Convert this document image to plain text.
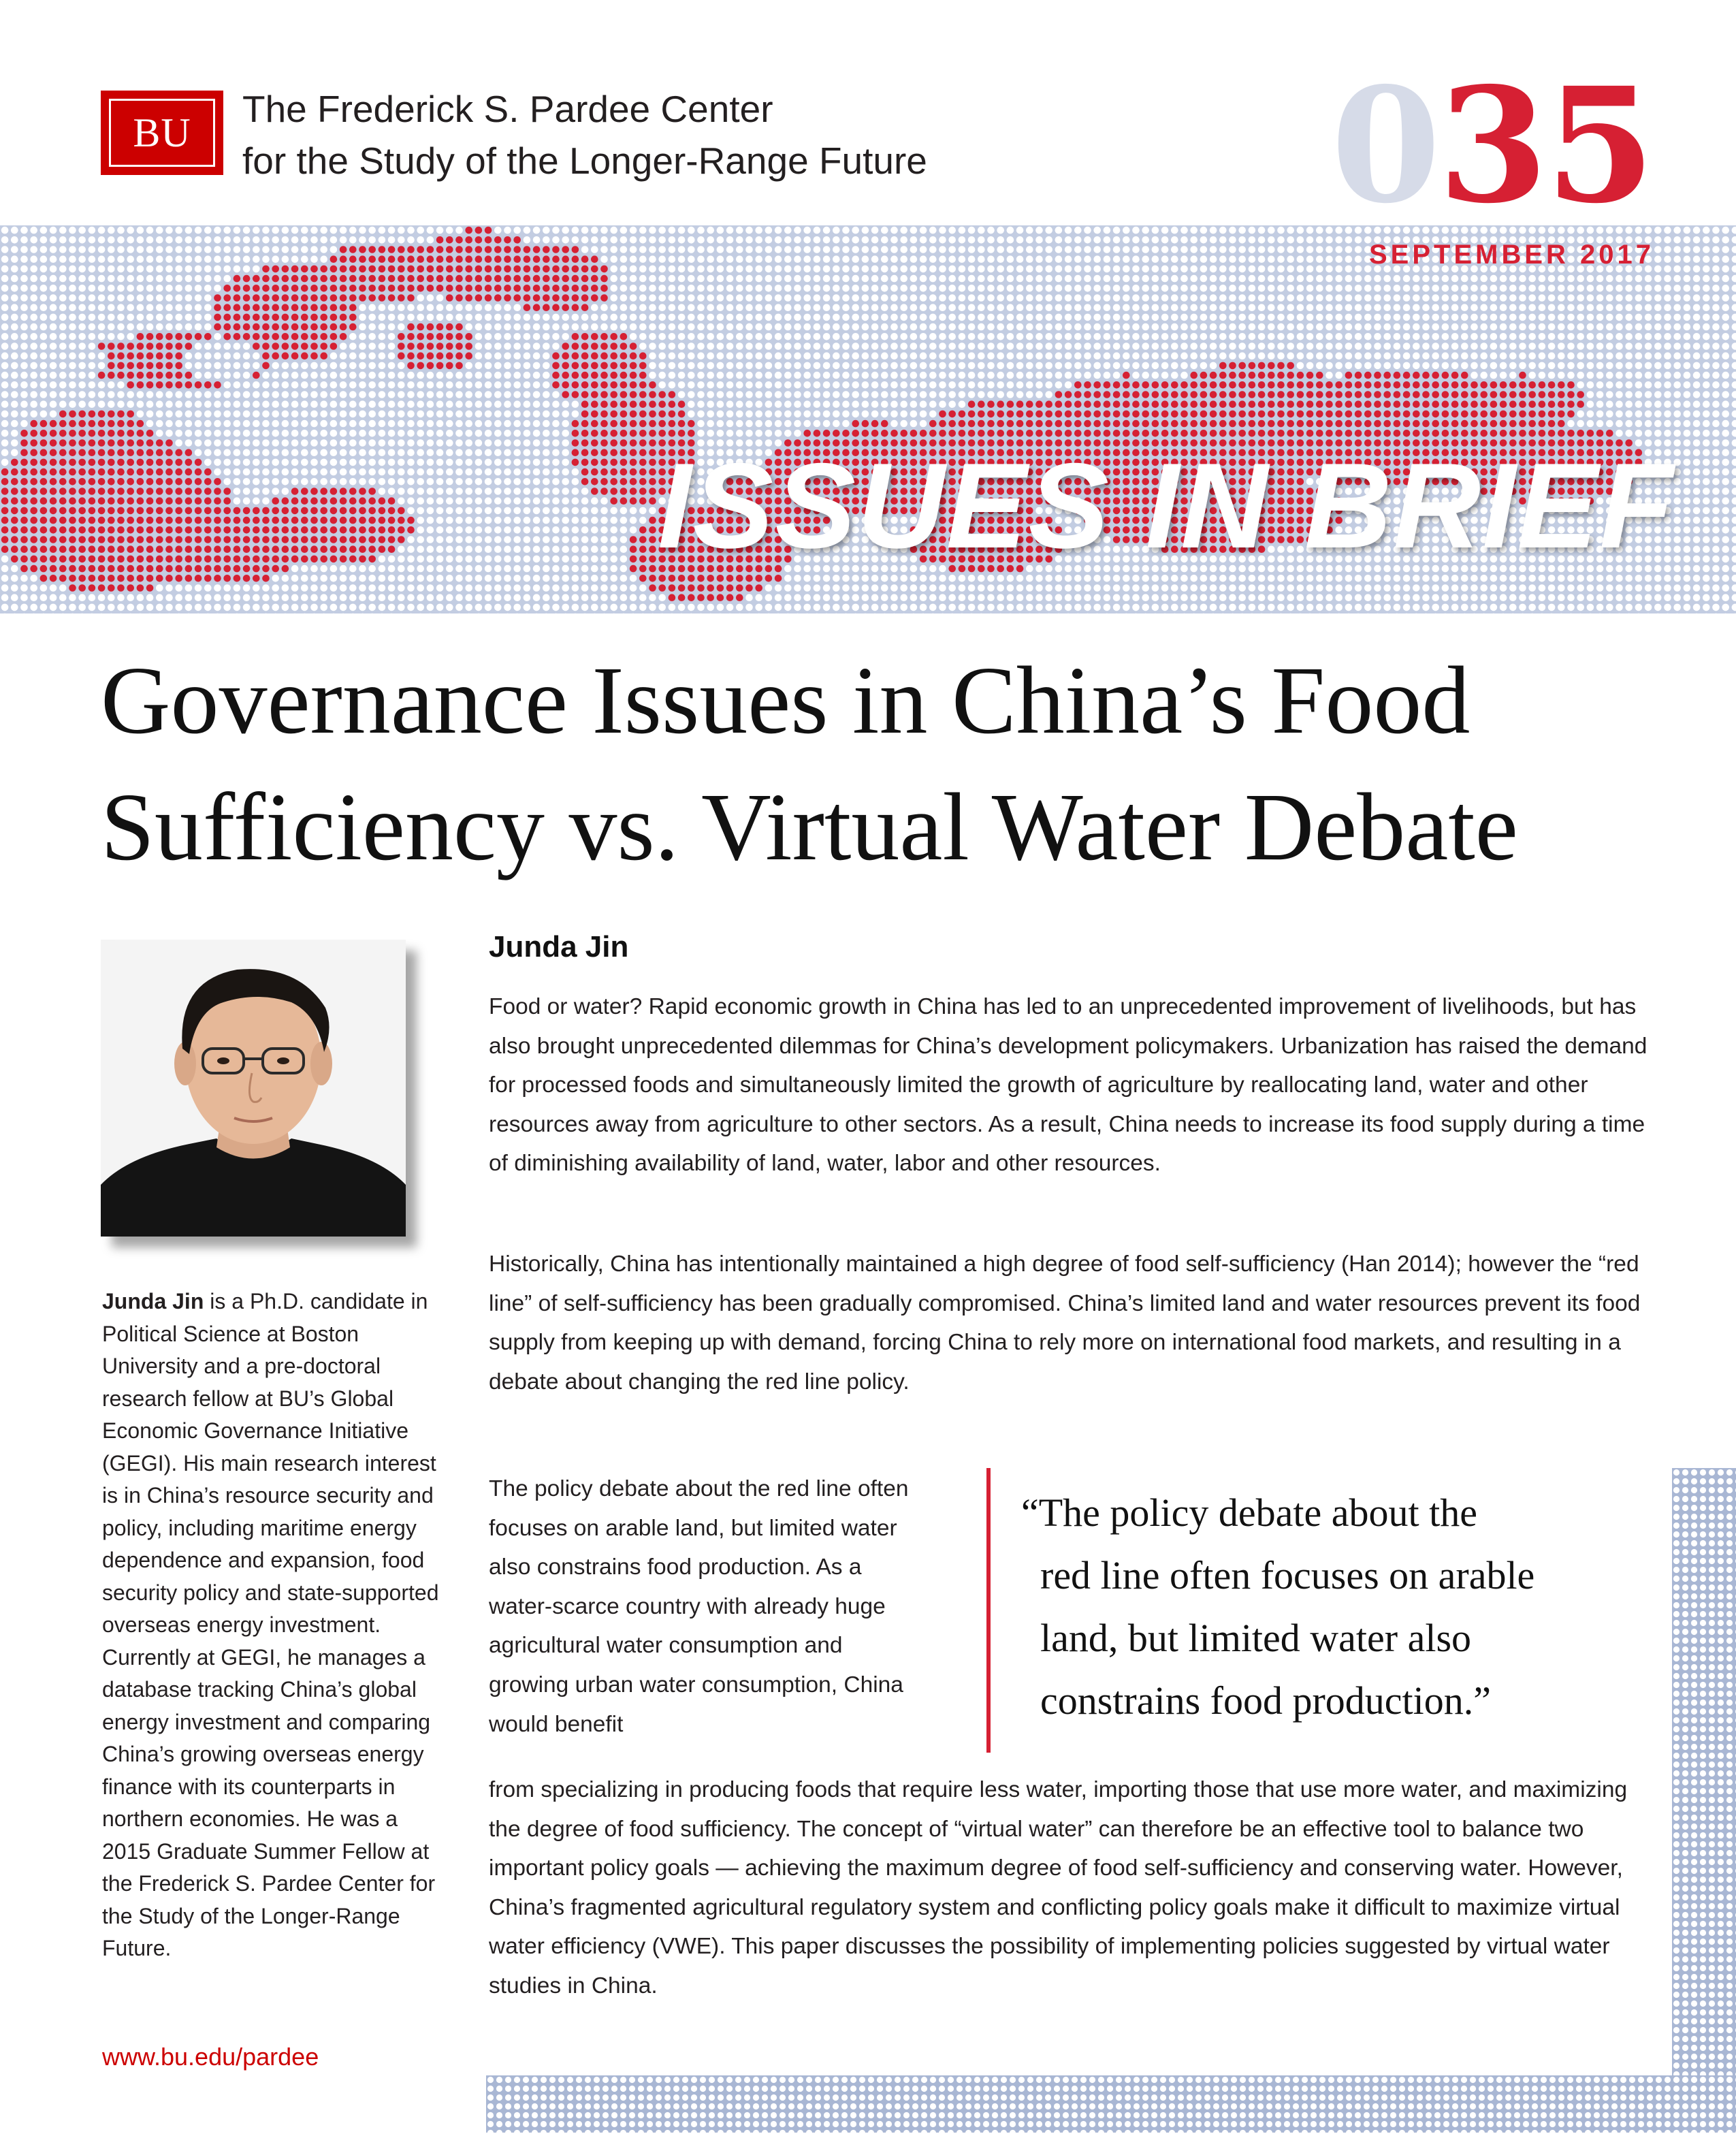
BU
The Frederick S. Pardee Center
for the Study of the Longer-Range Future	035
SEPTEMBER 2017
ISSUES IN BRIEF
Governance Issues in China’s Food
Sufficiency vs. Virtual Water Debate
Junda Jin is a Ph.D. candidate in Political Science at Boston University and a pre-doctoral research fellow at BU’s Global Economic Governance Initiative (GEGI). His main research interest is in China’s resource security and policy, including maritime energy dependence and expansion, food security policy and state-supported overseas energy investment. Currently at GEGI, he manages a database tracking China’s global energy investment and comparing China’s growing overseas energy finance with its counterparts in northern economies. He was a 2015 Graduate Summer Fellow at the Frederick S. Pardee Center for the Study of the Longer-Range Future.
www.bu.edu/pardee
Junda Jin
Food or water? Rapid economic growth in China has led to an unprecedented improvement of livelihoods, but has also brought unprecedented dilemmas for China’s development policymakers. Urbanization has raised the demand for processed foods and simultaneously limited the growth of agriculture by reallocating land, water and other resources away from agriculture to other sectors. As a result, China needs to increase its food supply during a time of diminishing availability of land, water, labor and other resources.
Historically, China has intentionally maintained a high degree of food self-sufficiency (Han 2014); however the “red line” of self-sufficiency has been gradually compromised. China’s limited land and water resources prevent its food supply from keeping up with demand, forcing China to rely more on international food markets, and resulting in a debate about changing the red line policy.
The policy debate about the red line often focuses on arable land, but limited water also constrains food production. As a water-scarce country with already huge agricultural water consumption and growing urban water consumption, China would benefit
from specializing in producing foods that require less water, importing those that use more water, and maximizing the degree of food sufficiency. The concept of “virtual water” can therefore be an effective tool to balance two important policy goals — achieving the maximum degree of food self-sufficiency and conserving water. However, China’s fragmented agricultural regulatory system and conflicting policy goals make it difficult to maximize virtual water efficiency (VWE). This paper discusses the possibility of implementing policies suggested by virtual water studies in China.
“The policy debate about the
red line often focuses on arable
land, but limited water also
constrains food production.”
